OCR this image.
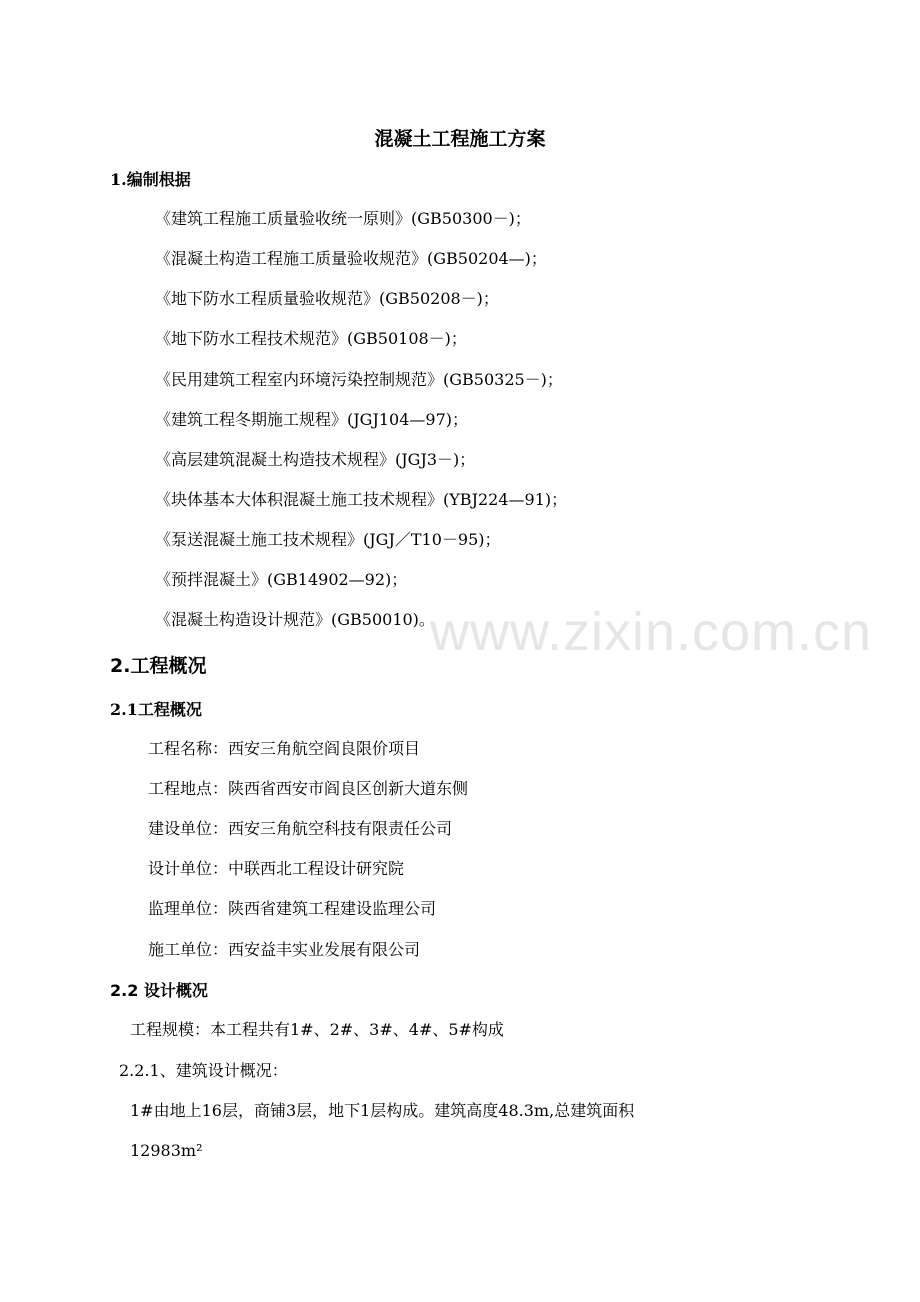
www.zixin.com.cn
混凝土工程施工方案
1.编制根据
《建筑工程施工质量验收统一原则》(GB50300－)；
《混凝土构造工程施工质量验收规范》(GB50204—)；
《地下防水工程质量验收规范》(GB50208－)；
《地下防水工程技术规范》(GB50108－)；
《民用建筑工程室内环境污染控制规范》(GB50325－)；
《建筑工程冬期施工规程》(JGJ104—97)；
《高层建筑混凝土构造技术规程》(JGJ3－)；
《块体基本大体积混凝土施工技术规程》(YBJ224—91)；
《泵送混凝土施工技术规程》(JGJ／T10－95)；
《预拌混凝土》(GB14902—92)；
《混凝土构造设计规范》(GB50010)。
2.工程概况
2.1工程概况
工程名称：西安三角航空阎良限价项目
工程地点：陕西省西安市阎良区创新大道东侧
建设单位：西安三角航空科技有限责任公司
设计单位：中联西北工程设计研究院
监理单位：陕西省建筑工程建设监理公司
施工单位：西安益丰实业发展有限公司
2.2 设计概况
工程规模：本工程共有1#、2#、3#、4#、5#构成
2.2.1、建筑设计概况：
1#由地上16层，商铺3层，地下1层构成。建筑高度48.3m,总建筑面积
12983m²
